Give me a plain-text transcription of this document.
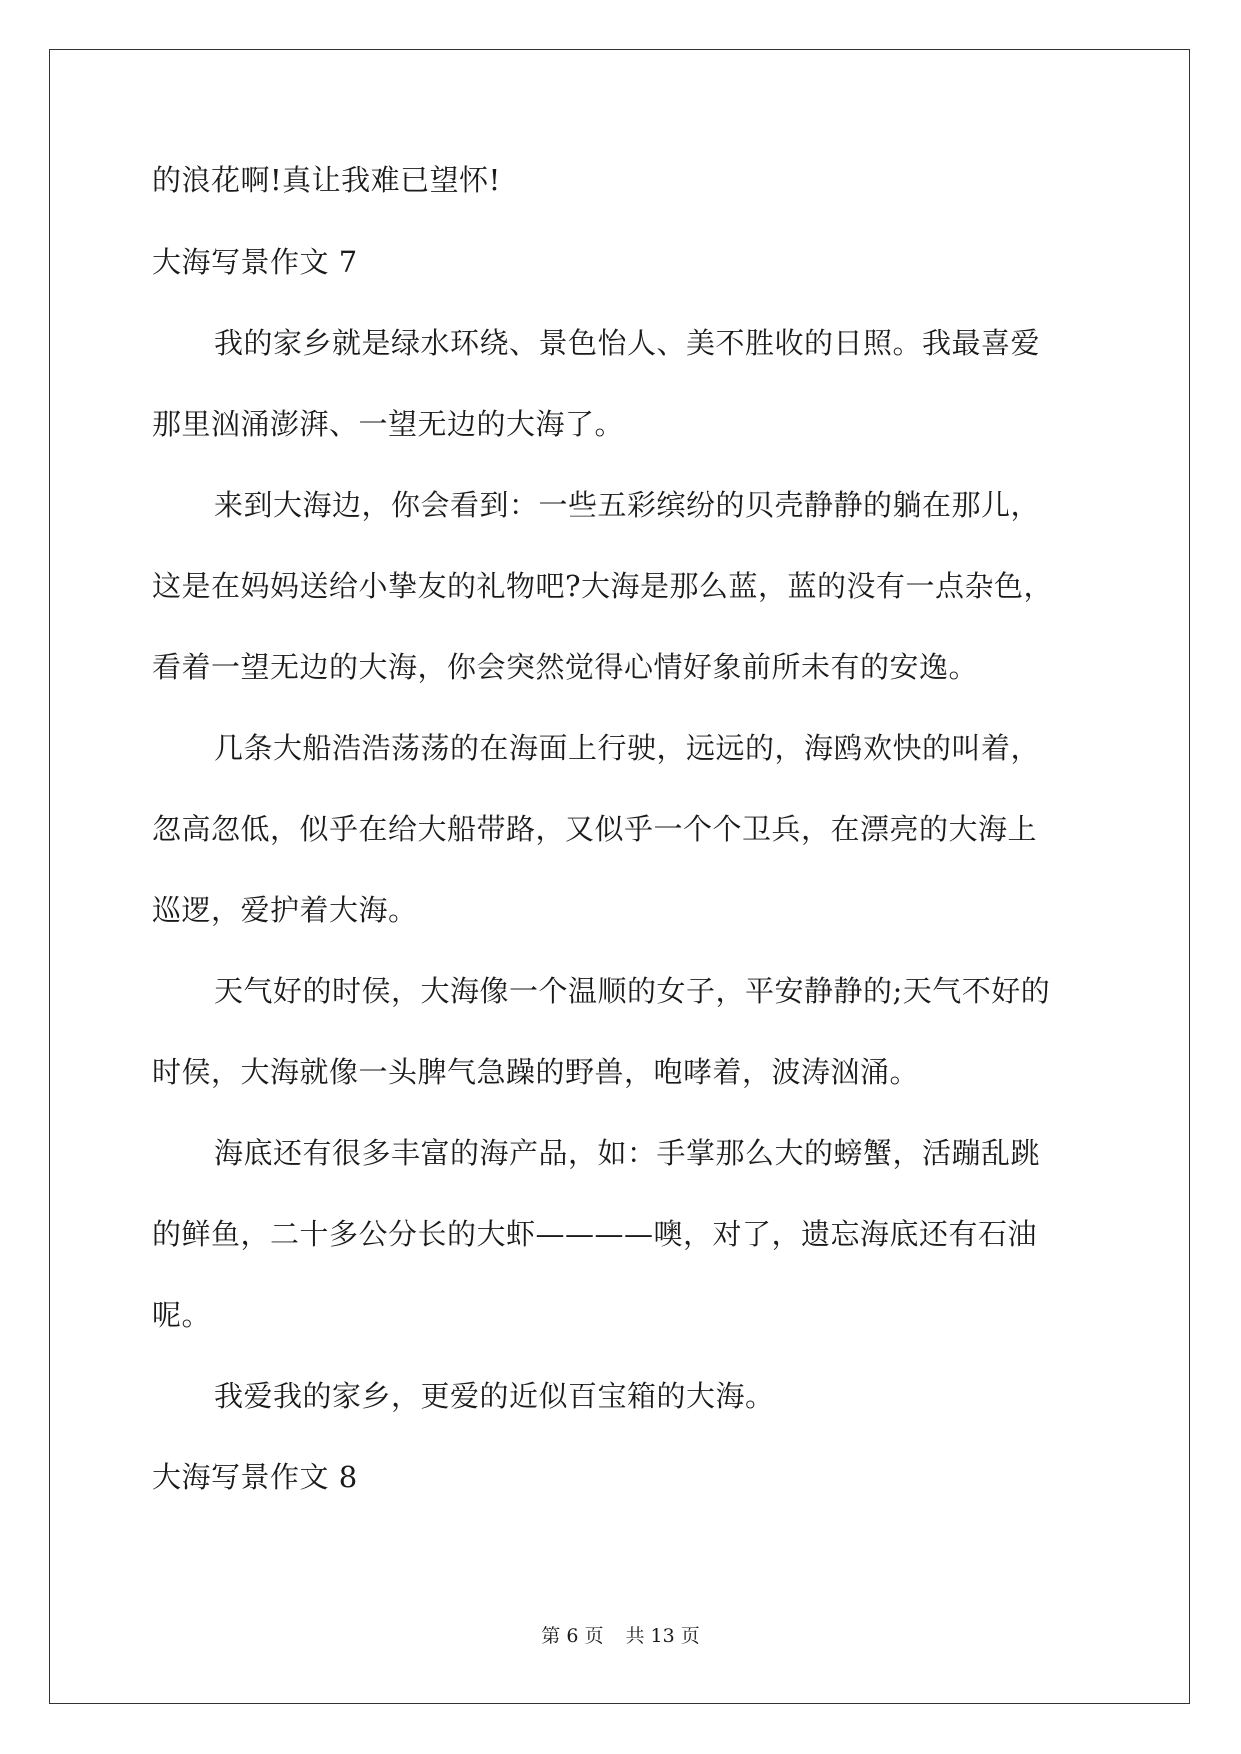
的浪花啊!真让我难已望怀!
大海写景作文 7
我的家乡就是绿水环绕、景色怡人、美不胜收的日照。我最喜爱
那里汹涌澎湃、一望无边的大海了。
来到大海边，你会看到：一些五彩缤纷的贝壳静静的躺在那儿，
这是在妈妈送给小挚友的礼物吧?大海是那么蓝，蓝的没有一点杂色，
看着一望无边的大海，你会突然觉得心情好象前所未有的安逸。
几条大船浩浩荡荡的在海面上行驶，远远的，海鸥欢快的叫着，
忽高忽低，似乎在给大船带路，又似乎一个个卫兵，在漂亮的大海上
巡逻，爱护着大海。
天气好的时侯，大海像一个温顺的女子，平安静静的;天气不好的
时侯，大海就像一头脾气急躁的野兽，咆哮着，波涛汹涌。
海底还有很多丰富的海产品，如：手掌那么大的螃蟹，活蹦乱跳
的鲜鱼，二十多公分长的大虾————噢，对了，遗忘海底还有石油
呢。
我爱我的家乡，更爱的近似百宝箱的大海。
大海写景作文 8
第 6 页 共 13 页
